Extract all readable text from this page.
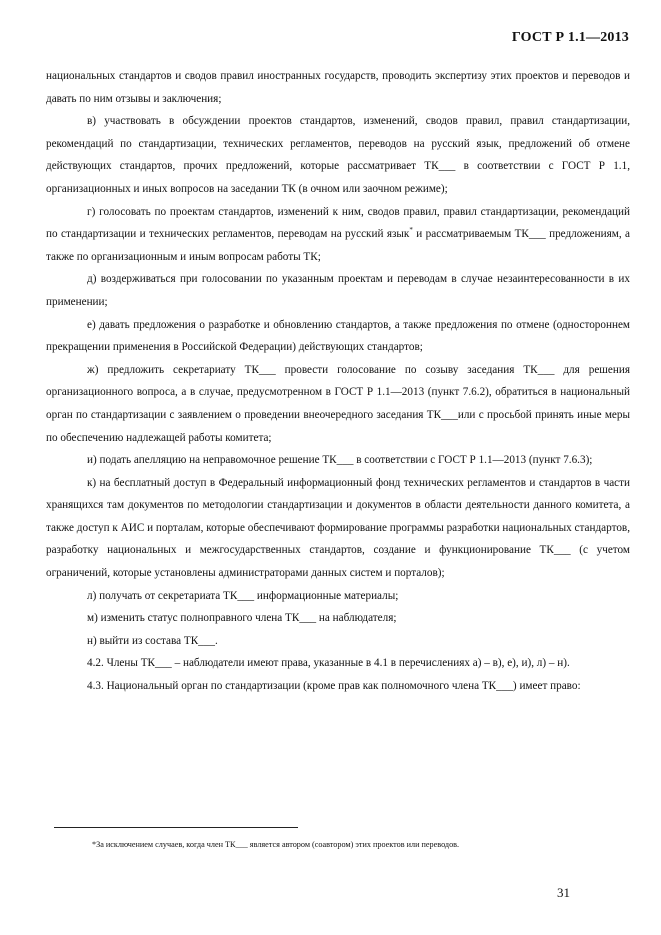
ГОСТ Р 1.1—2013

национальных стандартов и сводов правил иностранных государств, проводить экспертизу этих проектов и переводов и давать по ним отзывы и заключения;

в) участвовать в обсуждении проектов стандартов, изменений, сводов правил, правил стандартизации, рекомендаций по стандартизации, технических регламентов, переводов на русский язык, предложений об отмене действующих стандартов, прочих предложений, которые рассматривает ТК___ в соответствии с ГОСТ Р 1.1, организационных и иных вопросов на заседании ТК (в очном или заочном режиме);

г) голосовать по проектам стандартов, изменений к ним, сводов правил, правил стандартизации, рекомендаций по стандартизации и технических регламентов, переводам на русский язык* и рассматриваемым ТК___ предложениям, а также по организационным и иным вопросам работы ТК;

д) воздерживаться при голосовании по указанным проектам и переводам в случае незаинтересованности в их применении;

е) давать предложения о разработке и обновлению стандартов, а также предложения по отмене (одностороннем прекращении применения в Российской Федерации) действующих стандартов;

ж) предложить секретариату ТК___ провести голосование по созыву заседания ТК___ для решения организационного вопроса, а в случае, предусмотренном в ГОСТ Р 1.1—2013 (пункт 7.6.2), обратиться в национальный орган по стандартизации с заявлением о проведении внеочередного заседания ТК___или с просьбой принять иные меры по обеспечению надлежащей работы комитета;

и) подать апелляцию на неправомочное решение ТК___ в соответствии с ГОСТ Р 1.1—2013 (пункт 7.6.3);

к) на бесплатный доступ в Федеральный информационный фонд технических регламентов и стандартов в части хранящихся там документов по методологии стандартизации и документов в области деятельности данного комитета, а также доступ к АИС и порталам, которые обеспечивают формирование программы разработки национальных стандартов, разработку национальных и межгосударственных стандартов, создание и функционирование ТК___ (с учетом ограничений, которые установлены администраторами данных систем и порталов);

л) получать от секретариата ТК___ информационные материалы;

м) изменить статус полноправного члена ТК___ на наблюдателя;

н) выйти из состава ТК___.

4.2. Члены ТК___ – наблюдатели имеют права, указанные в 4.1 в перечислениях а) – в), е), и), л) – н).

4.3. Национальный орган по стандартизации (кроме прав как полномочного члена ТК___) имеет право:

*За исключением случаев, когда член ТК___ является автором (соавтором) этих проектов или переводов.
31
